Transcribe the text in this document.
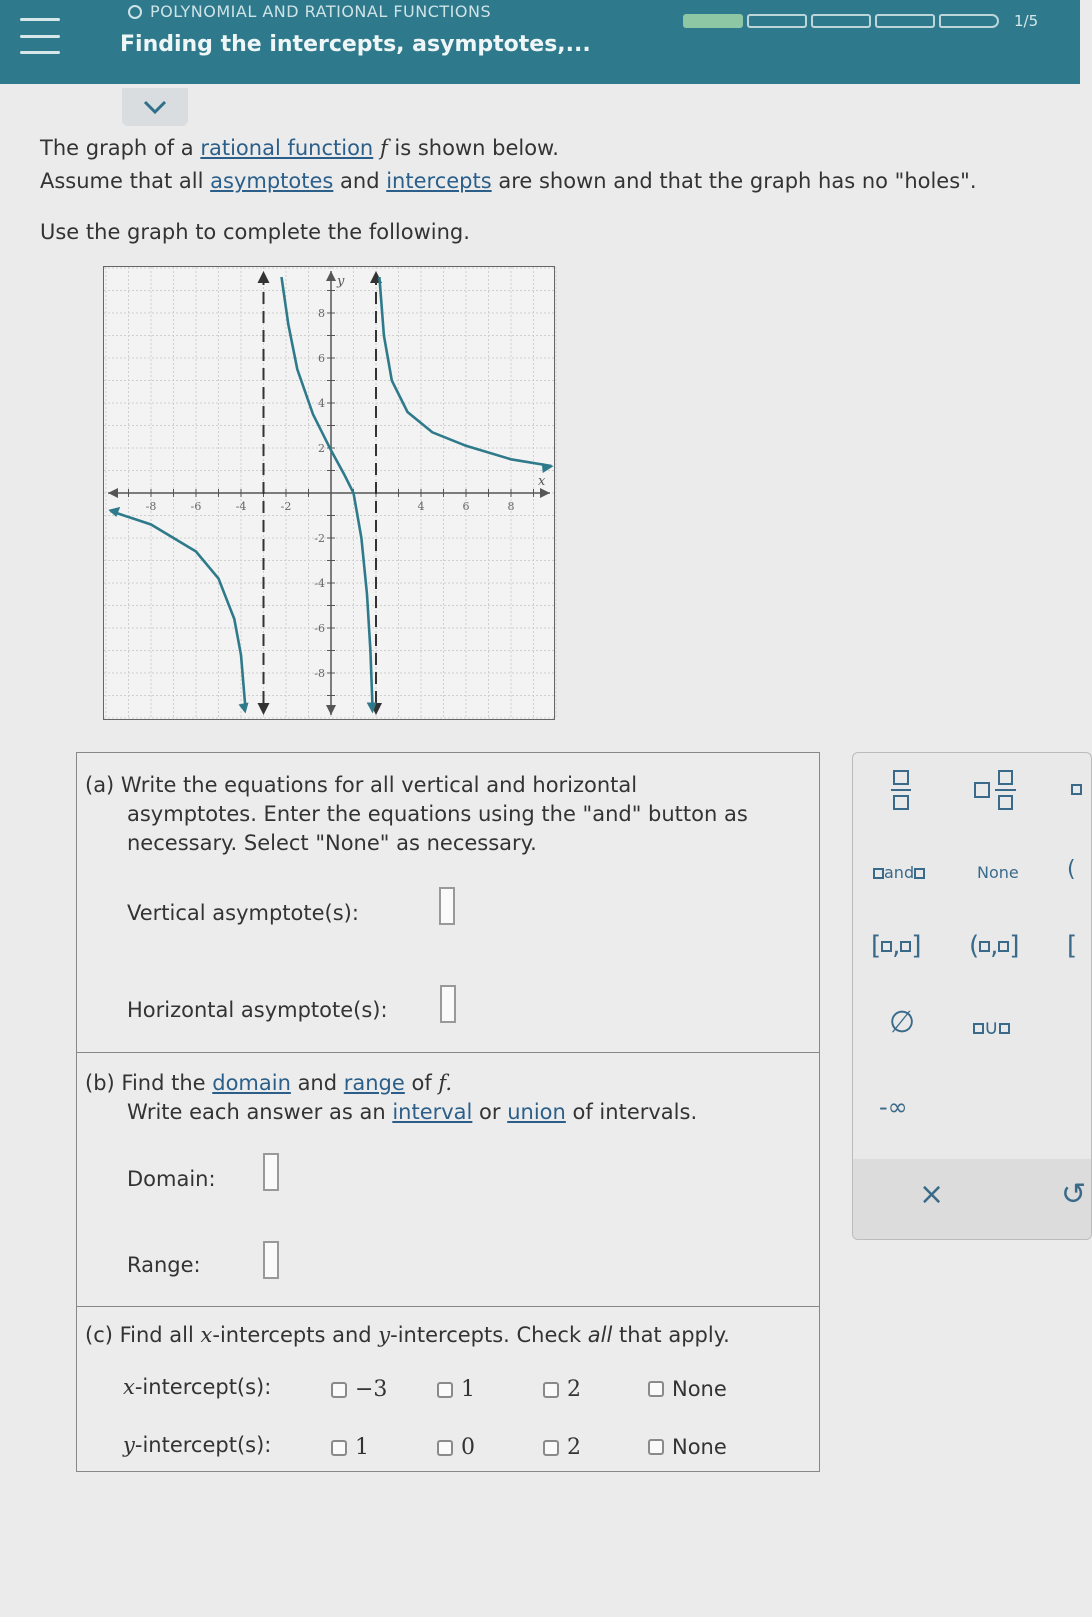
POLYNOMIAL AND RATIONAL FUNCTIONS
Finding the intercepts, asymptotes,...
1/5

The graph of a rational function f is shown below.

Assume that all asymptotes and intercepts are shown and that the graph has no "holes".

Use the graph to complete the following.
-8	-6	-4	-2	4	6	8
8
6
4
2
-2
-4
-6
-8
x
y
(a) Write the equations for all vertical and horizontal
asymptotes. Enter the equations using the "and" button as
necessary. Select "None" as necessary.
Vertical asymptote(s):
Horizontal asymptote(s):
(b) Find the domain and range of f.
Write each answer as an interval or union of intervals.
Domain:
Range:
(c) Find all x-intercepts and y-intercepts. Check all that apply.
x-intercept(s):	−3	1	2	None
y-intercept(s):	1	0	2	None
and	None (
[ , ] ( , ] [
∅	∪
-∞
×	↺
